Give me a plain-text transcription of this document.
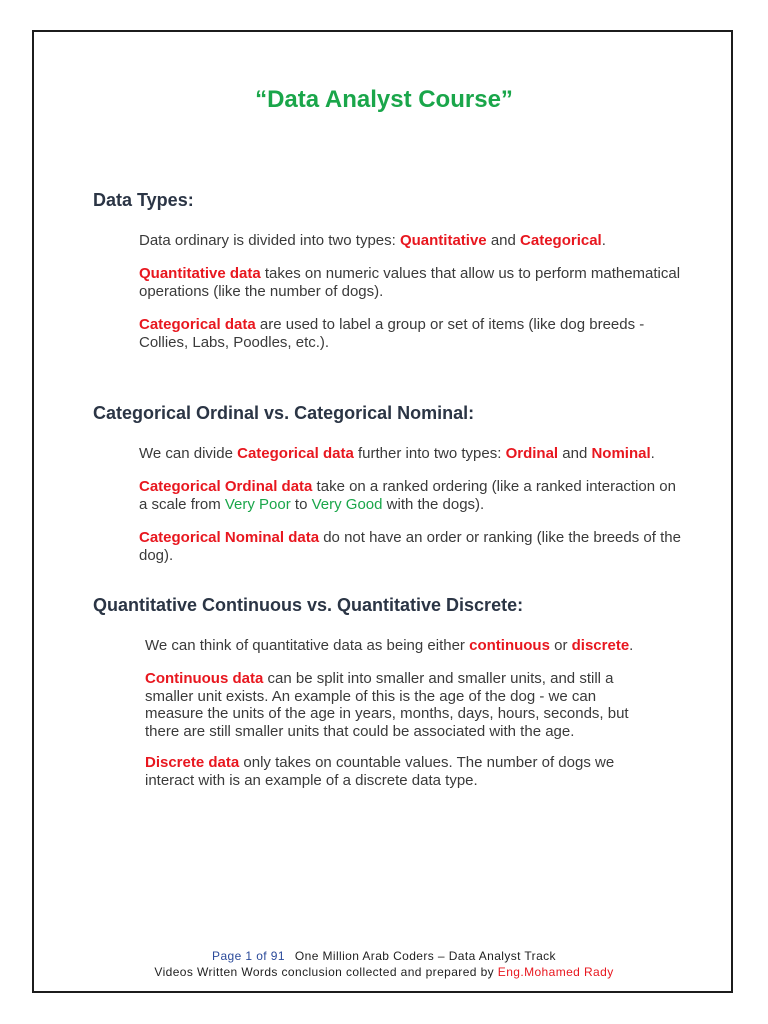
“Data Analyst Course”
Data Types:
Data ordinary is divided into two types: Quantitative and Categorical.
Quantitative data takes on numeric values that allow us to perform mathematical operations (like the number of dogs).
Categorical data are used to label a group or set of items (like dog breeds - Collies, Labs, Poodles, etc.).
Categorical Ordinal vs. Categorical Nominal:
We can divide Categorical data further into two types: Ordinal and Nominal.
Categorical Ordinal data take on a ranked ordering (like a ranked interaction on a scale from Very Poor to Very Good with the dogs).
Categorical Nominal data do not have an order or ranking (like the breeds of the dog).
Quantitative Continuous vs. Quantitative Discrete:
We can think of quantitative data as being either continuous or discrete.
Continuous data can be split into smaller and smaller units, and still a smaller unit exists. An example of this is the age of the dog - we can measure the units of the age in years, months, days, hours, seconds, but there are still smaller units that could be associated with the age.
Discrete data only takes on countable values. The number of dogs we interact with is an example of a discrete data type.
Page 1 of 91 One Million Arab Coders – Data Analyst Track
Videos Written Words conclusion collected and prepared by Eng.Mohamed Rady
